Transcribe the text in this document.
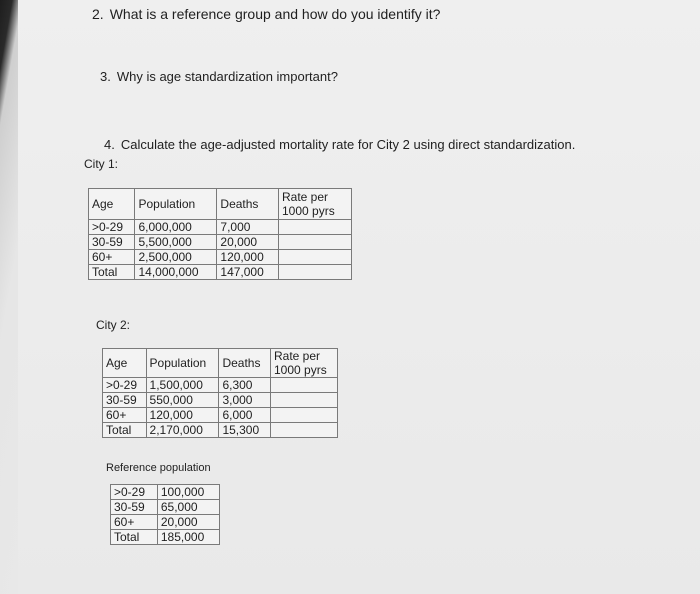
2. What is a reference group and how do you identify it?
3. Why is age standardization important?
4. Calculate the age-adjusted mortality rate for City 2 using direct standardization.
City 1:
Age	Population	Deaths	Rate per 1000 pyrs
>0-29	6,000,000	7,000	
30-59	5,500,000	20,000	
60+	2,500,000	120,000	
Total	14,000,000	147,000	
City 2:
Age	Population	Deaths	Rate per 1000 pyrs
>0-29	1,500,000	6,300	
30-59	550,000	3,000	
60+	120,000	6,000	
Total	2,170,000	15,300	
Reference population
>0-29	100,000
30-59	65,000
60+	20,000
Total	185,000
